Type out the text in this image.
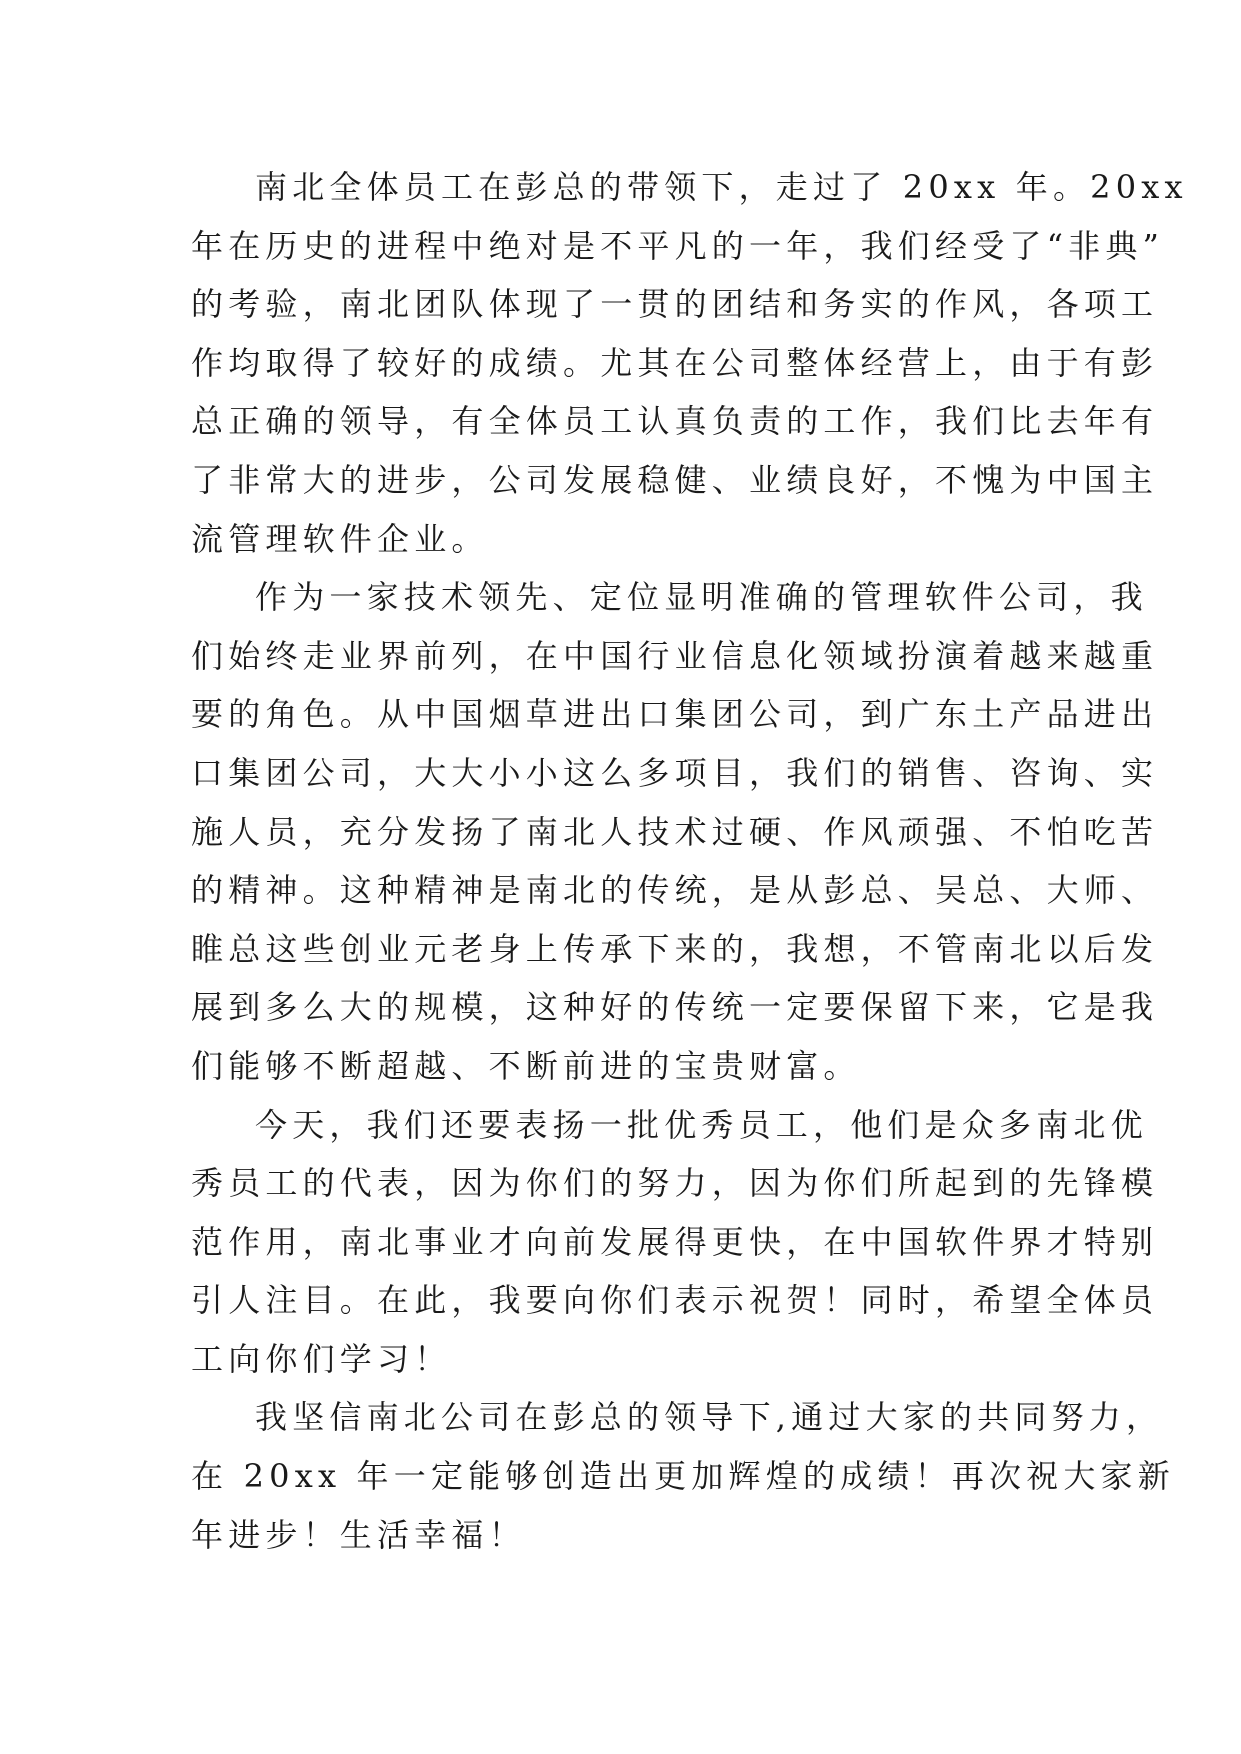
南北全体员工在彭总的带领下，走过了 20xx 年。20xx
年在历史的进程中绝对是不平凡的一年，我们经受了“非典”
的考验，南北团队体现了一贯的团结和务实的作风，各项工
作均取得了较好的成绩。尤其在公司整体经营上，由于有彭
总正确的领导，有全体员工认真负责的工作，我们比去年有
了非常大的进步，公司发展稳健、业绩良好，不愧为中国主
流管理软件企业。
作为一家技术领先、定位显明准确的管理软件公司，我
们始终走业界前列，在中国行业信息化领域扮演着越来越重
要的角色。从中国烟草进出口集团公司，到广东土产品进出
口集团公司，大大小小这么多项目，我们的销售、咨询、实
施人员，充分发扬了南北人技术过硬、作风顽强、不怕吃苦
的精神。这种精神是南北的传统，是从彭总、吴总、大师、
睢总这些创业元老身上传承下来的，我想，不管南北以后发
展到多么大的规模，这种好的传统一定要保留下来，它是我
们能够不断超越、不断前进的宝贵财富。
今天，我们还要表扬一批优秀员工，他们是众多南北优
秀员工的代表，因为你们的努力，因为你们所起到的先锋模
范作用，南北事业才向前发展得更快，在中国软件界才特别
引人注目。在此，我要向你们表示祝贺！同时，希望全体员
工向你们学习！
我坚信南北公司在彭总的领导下,通过大家的共同努力，
在 20xx 年一定能够创造出更加辉煌的成绩！再次祝大家新
年进步！生活幸福！
